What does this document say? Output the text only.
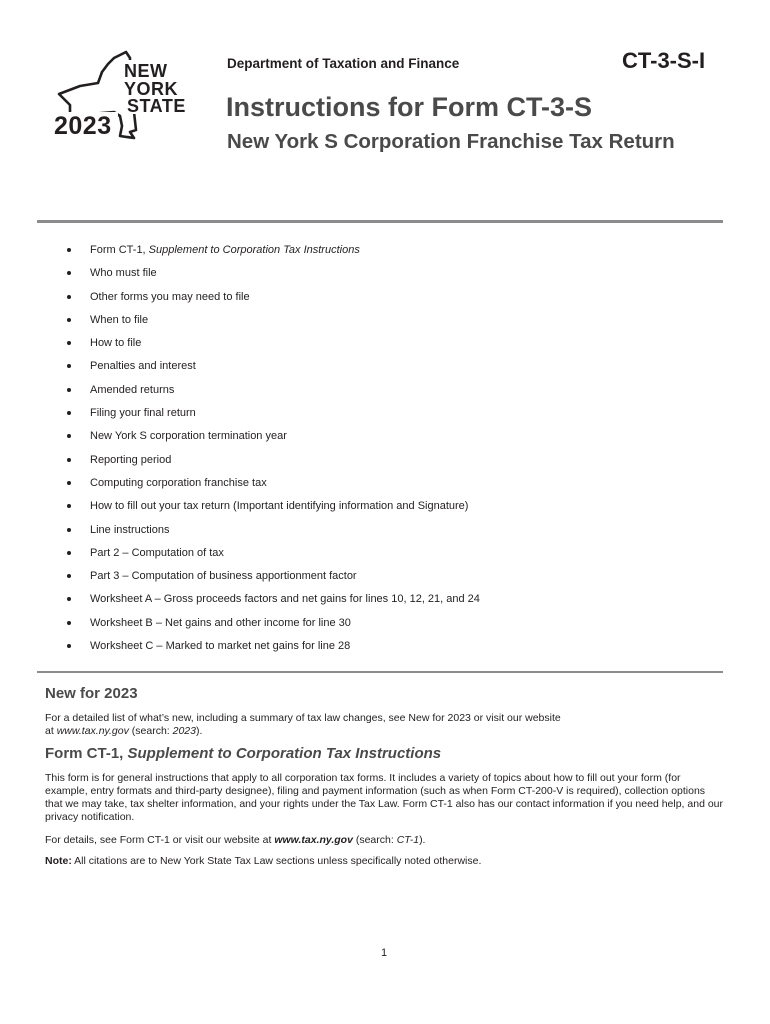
NEW
YORK
STATE
2023
Department of Taxation and Finance	CT-3-S-I
Instructions for Form CT-3-S
New York S Corporation Franchise Tax Return
Form CT-1, Supplement to Corporation Tax Instructions
Who must file
Other forms you may need to file
When to file
How to file
Penalties and interest
Amended returns
Filing your final return
New York S corporation termination year
Reporting period
Computing corporation franchise tax
How to fill out your tax return (Important identifying information and Signature)
Line instructions
Part 2 – Computation of tax
Part 3 – Computation of business apportionment factor
Worksheet A – Gross proceeds factors and net gains for lines 10, 12, 21, and 24
Worksheet B – Net gains and other income for line 30
Worksheet C – Marked to market net gains for line 28
New for 2023

For a detailed list of what’s new, including a summary of tax law changes, see New for 2023 or visit our website
at www.tax.ny.gov (search: 2023).

Form CT-1, Supplement to Corporation Tax Instructions

This form is for general instructions that apply to all corporation tax forms. It includes a variety of topics about how to fill out your form (for example, entry formats and third-party designee), filing and payment information (such as when Form CT-200-V is required), collection options that we may take, tax shelter information, and your rights under the Tax Law. Form CT-1 also has our contact information if you need help, and our privacy notification.

For details, see Form CT-1 or visit our website at www.tax.ny.gov (search: CT-1).

Note: All citations are to New York State Tax Law sections unless specifically noted otherwise.

1
